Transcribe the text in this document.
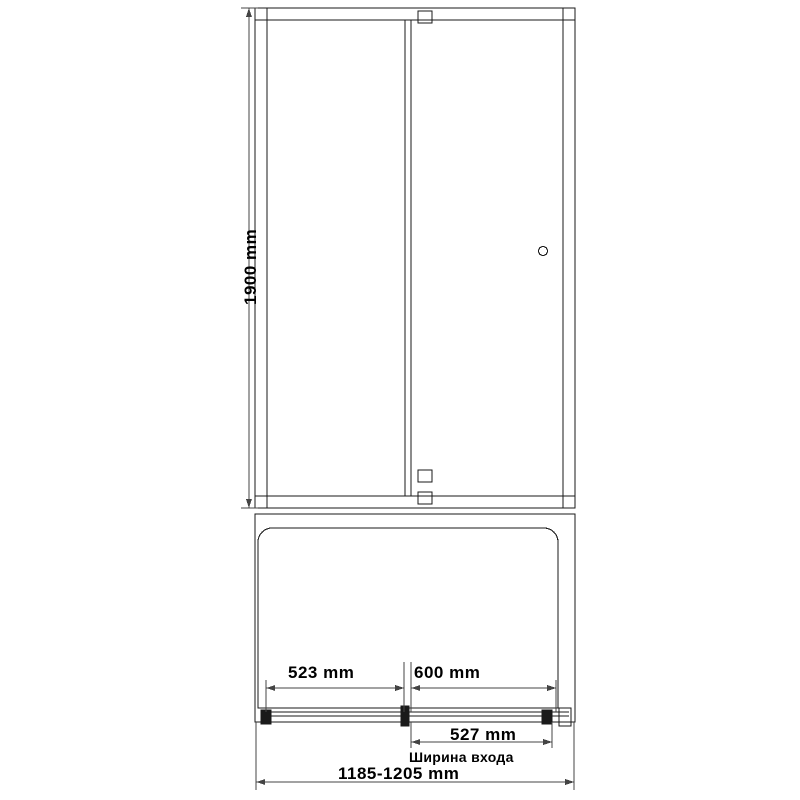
1900 mm
523 mm	600 mm
527 mm
Ширина входа
1185-1205 mm
